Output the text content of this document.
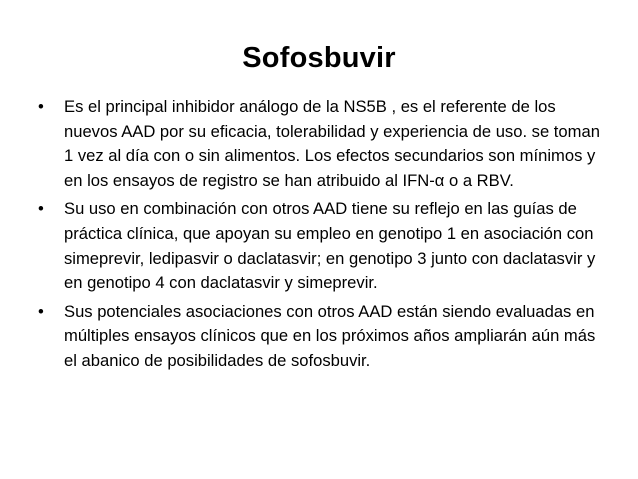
Sofosbuvir
•	Es el principal inhibidor análogo de la NS5B , es el referente de los nuevos AAD por su eficacia, tolerabilidad y experiencia de uso. se toman 1 vez al día con o sin alimentos. Los efectos secundarios son mínimos y en los ensayos de registro se han atribuido al IFN-α o a RBV.
•	Su uso en combinación con otros AAD tiene su reflejo en las guías de práctica clínica, que apoyan su empleo en genotipo 1 en asociación con simeprevir, ledipasvir o daclatasvir; en genotipo 3 junto con daclatasvir y en genotipo 4 con daclatasvir y simeprevir.
•	Sus potenciales asociaciones con otros AAD están siendo evaluadas en múltiples ensayos clínicos que en los próximos años ampliarán aún más el abanico de posibilidades de sofosbuvir.
